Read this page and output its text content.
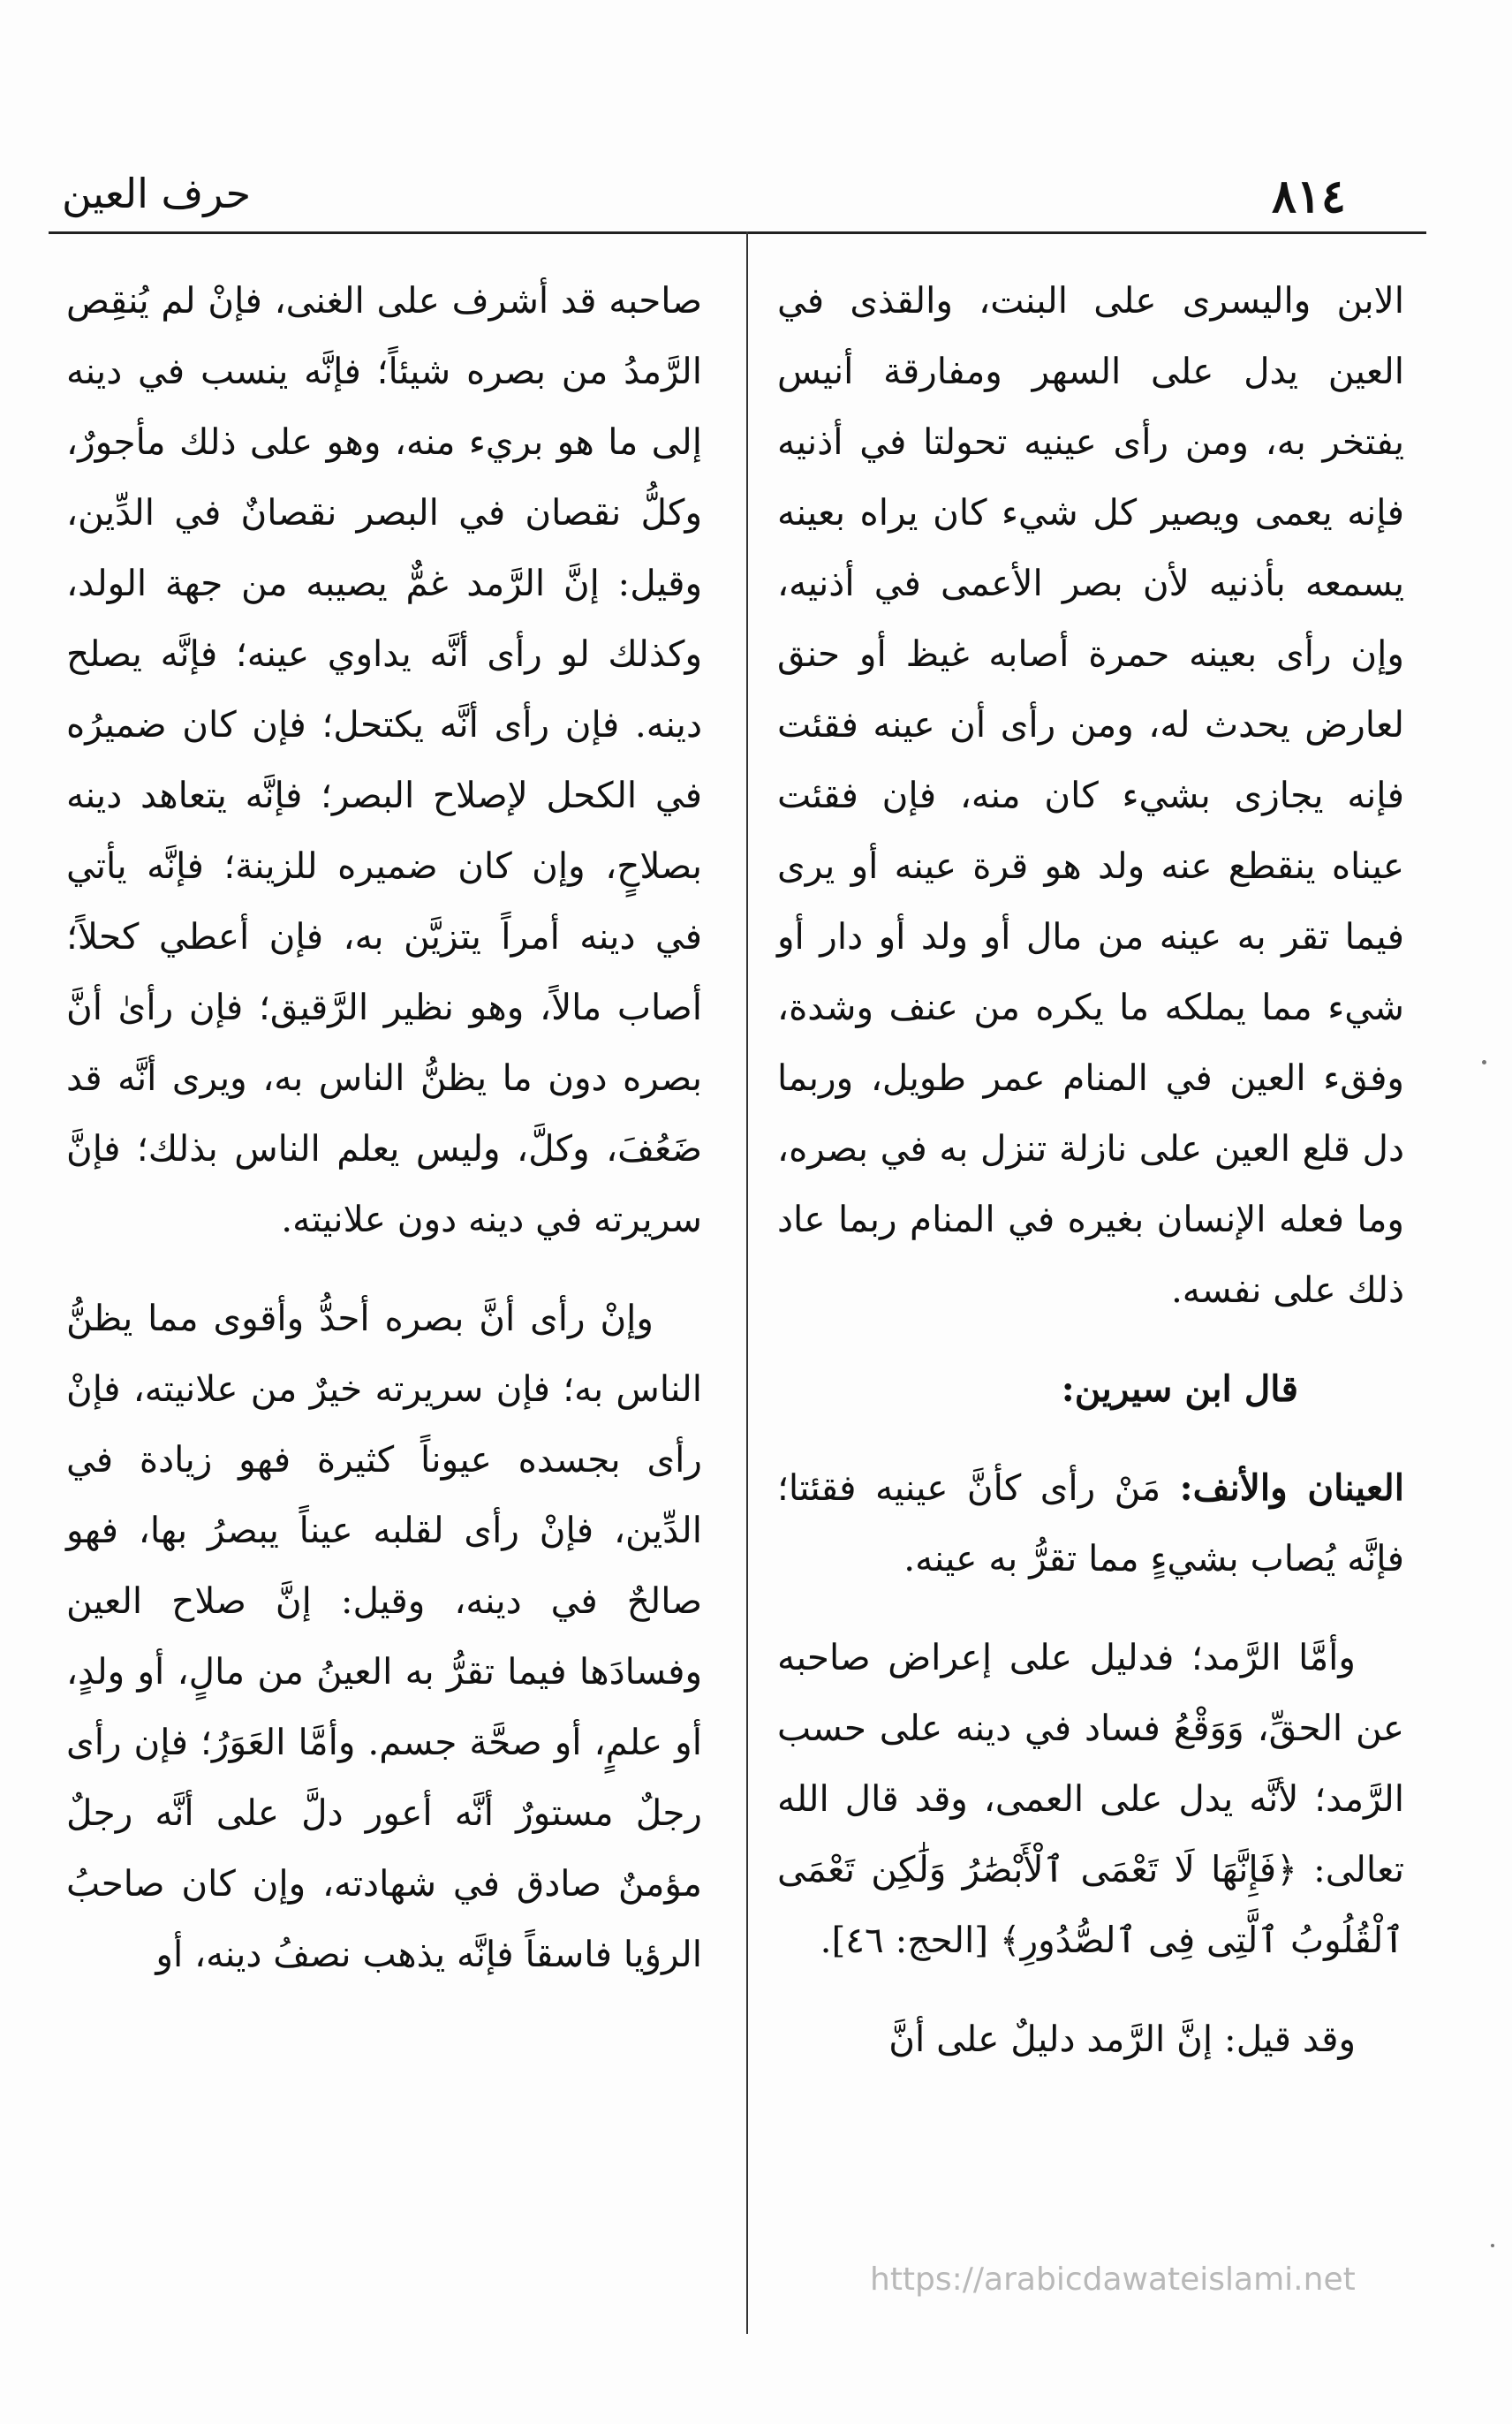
٨١٤
حرف العين

الابن واليسرى على البنت، والقذى في العين يدل على السهر ومفارقة أنيس يفتخر به، ومن رأى عينيه تحولتا في أذنيه فإنه يعمى ويصير كل شيء كان يراه بعينه يسمعه بأذنيه لأن بصر الأعمى في أذنيه، وإن رأى بعينه حمرة أصابه غيظ أو حنق لعارض يحدث له، ومن رأى أن عينه فقئت فإنه يجازى بشيء كان منه، فإن فقئت عيناه ينقطع عنه ولد هو قرة عينه أو يرى فيما تقر به عينه من مال أو ولد أو دار أو شيء مما يملكه ما يكره من عنف وشدة، وفقء العين في المنام عمر طويل، وربما دل قلع العين على نازلة تنزل به في بصره، وما فعله الإنسان بغيره في المنام ربما عاد ذلك على نفسه.

قال ابن سيرين:

العينان والأنف: مَنْ رأى كأنَّ عينيه فقئتا؛ فإنَّه يُصاب بشيءٍ مما تقرُّ به عينه.

وأمَّا الرَّمد؛ فدليل على إعراض صاحبه عن الحقِّ، وَوَقْعُ فساد في دينه على حسب الرَّمد؛ لأنَّه يدل على العمى، وقد قال الله تعالى: ﴿فَإِنَّهَا لَا تَعْمَى ٱلْأَبْصَٰرُ وَلَٰكِن تَعْمَى ٱلْقُلُوبُ ٱلَّتِى فِى ٱلصُّدُورِ﴾ [الحج: ٤٦].

وقد قيل: إنَّ الرَّمد دليلٌ على أنَّ

صاحبه قد أشرف على الغنى، فإنْ لم يُنقِص الرَّمدُ من بصره شيئاً؛ فإنَّه ينسب في دينه إلى ما هو بريء منه، وهو على ذلك مأجورٌ، وكلُّ نقصان في البصر نقصانٌ في الدِّين، وقيل: إنَّ الرَّمد غمٌّ يصيبه من جهة الولد، وكذلك لو رأى أنَّه يداوي عينه؛ فإنَّه يصلح دينه. فإن رأى أنَّه يكتحل؛ فإن كان ضميرُه في الكحل لإصلاح البصر؛ فإنَّه يتعاهد دينه بصلاحٍ، وإن كان ضميره للزينة؛ فإنَّه يأتي في دينه أمراً يتزيَّن به، فإن أعطي كحلاً؛ أصاب مالاً، وهو نظير الرَّقيق؛ فإن رأىٰ أنَّ بصره دون ما يظنُّ الناس به، ويرى أنَّه قد ضَعُفَ، وكلَّ، وليس يعلم الناس بذلك؛ فإنَّ سريرته في دينه دون علانيته.

وإنْ رأى أنَّ بصره أحدُّ وأقوى مما يظنُّ الناس به؛ فإن سريرته خيرٌ من علانيته، فإنْ رأى بجسده عيوناً كثيرة فهو زيادة في الدِّين، فإنْ رأى لقلبه عيناً يبصرُ بها، فهو صالحٌ في دينه، وقيل: إنَّ صلاح العين وفسادَها فيما تقرُّ به العينُ من مالٍ، أو ولدٍ، أو علمٍ، أو صحَّة جسم. وأمَّا العَوَرُ؛ فإن رأى رجلٌ مستورٌ أنَّه أعور دلَّ على أنَّه رجلٌ مؤمنٌ صادق في شهادته، وإن كان صاحبُ الرؤيا فاسقاً فإنَّه يذهب نصفُ دينه، أو

https://arabicdawateislami.net
